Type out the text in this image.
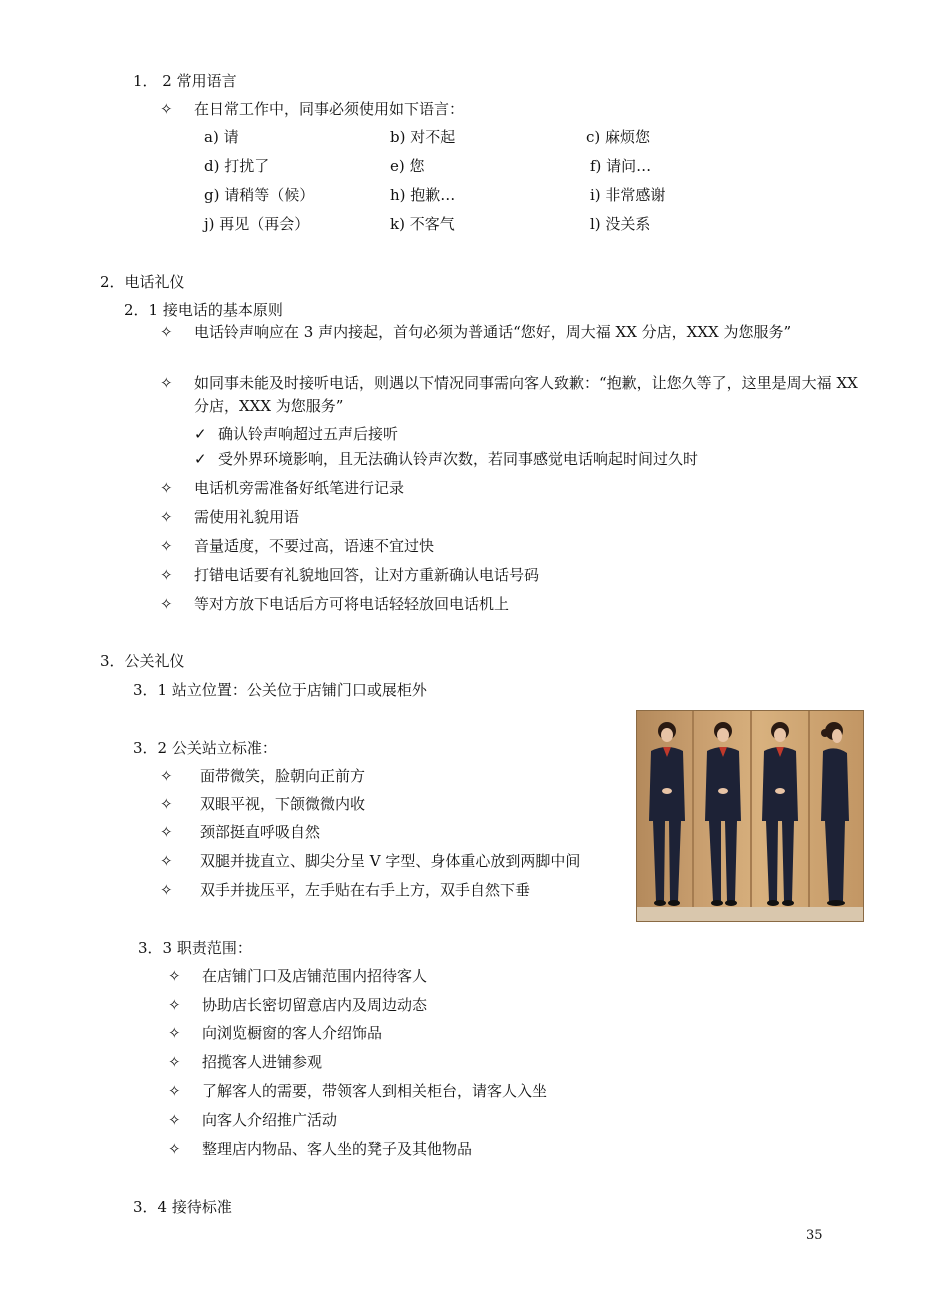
1． 2 常用语言
✧ 在日常工作中，同事必须使用如下语言：
a) 请	b) 对不起	c) 麻烦您
d) 打扰了	e) 您	f) 请问…
g) 请稍等（候）	h) 抱歉…	i) 非常感谢
j) 再见（再会）	k) 不客气	l) 没关系
2．电话礼仪
2．1 接电话的基本原则
✧ 电话铃声响应在 3 声内接起，首句必须为普通话“您好，周大福 XX 分店，XXX 为您服务”
✧ 如同事未能及时接听电话，则遇以下情况同事需向客人致歉：“抱歉，让您久等了，这里是周大福 XX 分店，XXX 为您服务”
✓ 确认铃声响超过五声后接听
✓ 受外界环境影响，且无法确认铃声次数，若同事感觉电话响起时间过久时
✧ 电话机旁需准备好纸笔进行记录
✧ 需使用礼貌用语
✧ 音量适度，不要过高，语速不宜过快
✧ 打错电话要有礼貌地回答，让对方重新确认电话号码
✧ 等对方放下电话后方可将电话轻轻放回电话机上
3．公关礼仪
3．1 站立位置：公关位于店铺门口或展柜外
3．2 公关站立标准：
✧ 面带微笑，脸朝向正前方
✧ 双眼平视，下颌微微内收
✧ 颈部挺直呼吸自然
✧ 双腿并拢直立、脚尖分呈 V 字型、身体重心放到两脚中间
✧ 双手并拢压平，左手贴在右手上方，双手自然下垂
3．3 职责范围：
✧ 在店铺门口及店铺范围内招待客人
✧ 协助店长密切留意店内及周边动态
✧ 向浏览橱窗的客人介绍饰品
✧ 招揽客人进铺参观
✧ 了解客人的需要，带领客人到相关柜台，请客人入坐
✧ 向客人介绍推广活动
✧ 整理店内物品、客人坐的凳子及其他物品
3．4 接待标准
35
